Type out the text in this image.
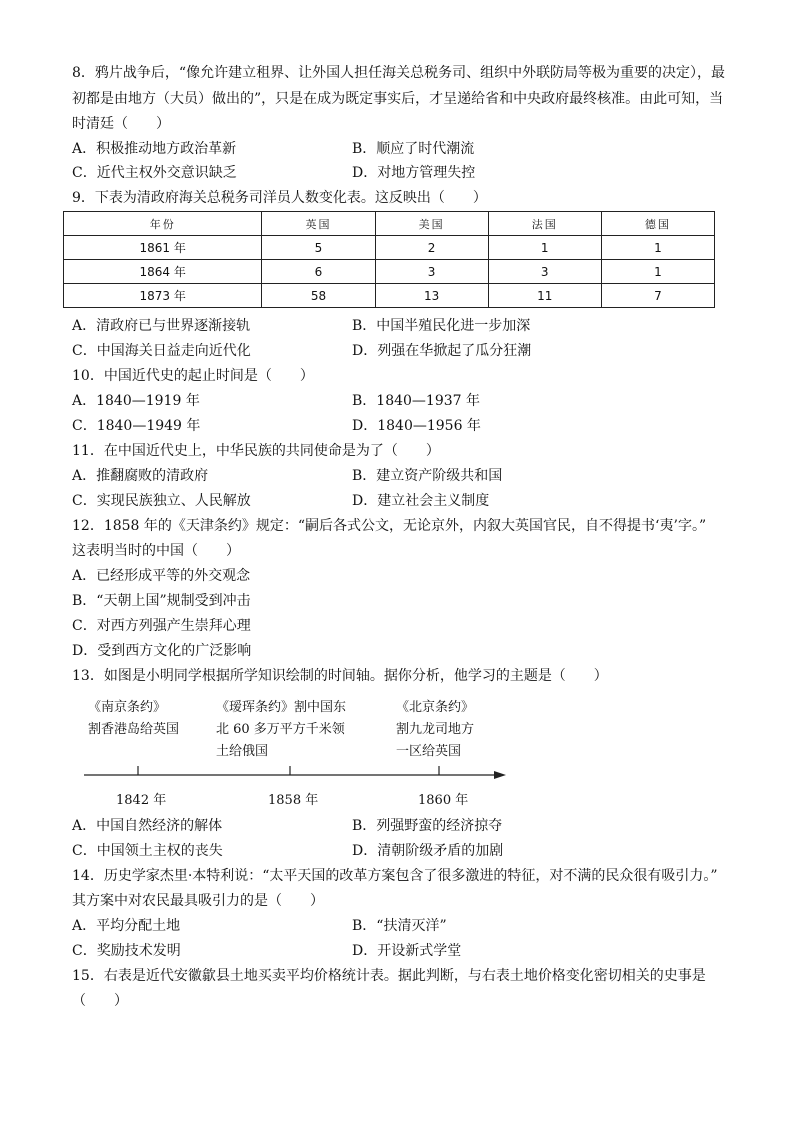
8．鸦片战争后，“像允许建立租界、让外国人担任海关总税务司、组织中外联防局等极为重要的决定），最
初都是由地方（大员）做出的”，只是在成为既定事实后，才呈递给省和中央政府最终核准。由此可知，当
时清廷（　　）
A．积极推动地方政治革新	B．顺应了时代潮流
C．近代主权外交意识缺乏	D．对地方管理失控
9．下表为清政府海关总税务司洋员人数变化表。这反映出（　　）
年份	英国	美国	法国	德国
1861 年	5	2	1	1
1864 年	6	3	3	1
1873 年	58	13	11	7
A．清政府已与世界逐渐接轨	B．中国半殖民化进一步加深
C．中国海关日益走向近代化	D．列强在华掀起了瓜分狂潮
10．中国近代史的起止时间是（　　）
A．1840—1919 年	B．1840—1937 年
C．1840—1949 年	D．1840—1956 年
11．在中国近代史上，中华民族的共同使命是为了（　　）
A．推翻腐败的清政府	B．建立资产阶级共和国
C．实现民族独立、人民解放	D．建立社会主义制度
12．1858 年的《天津条约》规定：“嗣后各式公文，无论京外，内叙大英国官民，自不得提书‘夷’字。”
这表明当时的中国（　　）
A．已经形成平等的外交观念
B．“天朝上国”规制受到冲击
C．对西方列强产生崇拜心理
D．受到西方文化的广泛影响
13．如图是小明同学根据所学知识绘制的时间轴。据你分析，他学习的主题是（　　）
《南京条约》
割香港岛给英国
《瑷珲条约》割中国东
北 60 多万平方千米领
土给俄国
《北京条约》
割九龙司地方
一区给英国
1842 年	1858 年	1860 年
A．中国自然经济的解体	B．列强野蛮的经济掠夺
C．中国领土主权的丧失	D．清朝阶级矛盾的加剧
14．历史学家杰里·本特利说：“太平天国的改革方案包含了很多激进的特征，对不满的民众很有吸引力。”
其方案中对农民最具吸引力的是（　　）
A．平均分配土地	B．“扶清灭洋”
C．奖励技术发明	D．开设新式学堂
15．右表是近代安徽歙县土地买卖平均价格统计表。据此判断，与右表土地价格变化密切相关的史事是
（　　）
